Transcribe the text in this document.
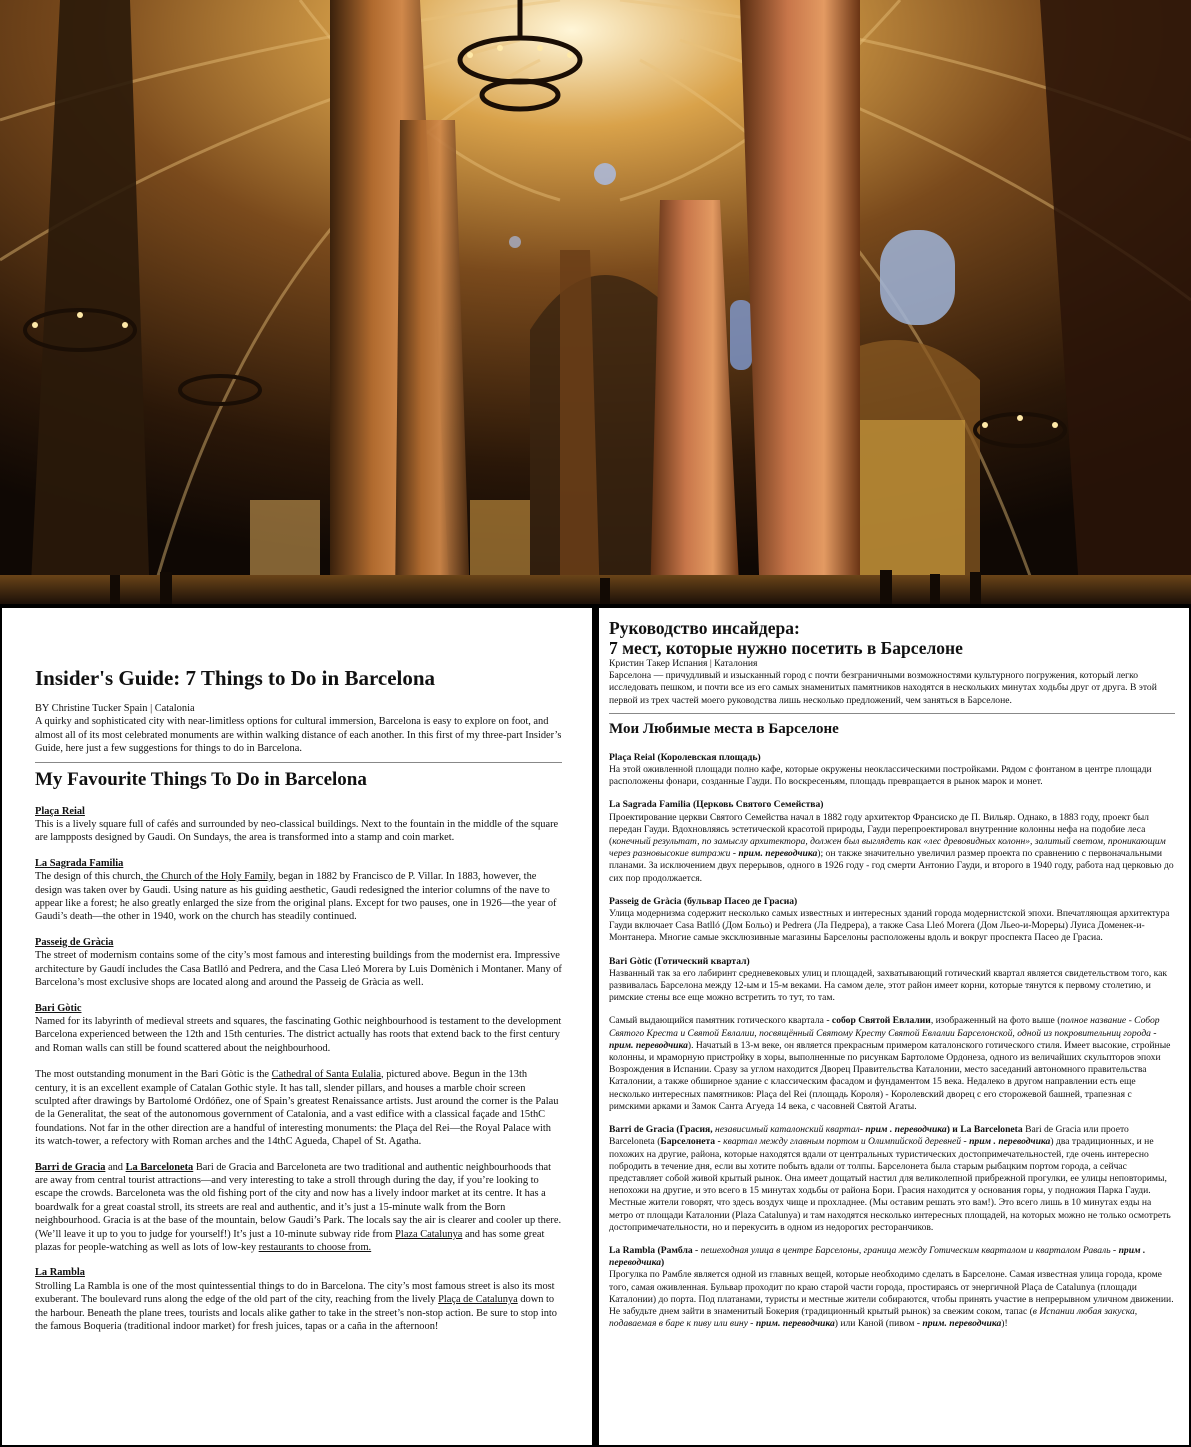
Insider's Guide: 7 Things to Do in Barcelona
BY Christine Tucker Spain | Catalonia

A quirky and sophisticated city with near-limitless options for cultural immersion, Barcelona is easy to explore on foot, and almost all of its most celebrated monuments are within walking distance of each another. In this first of my three-part Insider’s Guide, here just a few suggestions for things to do in Barcelona.

My Favourite Things To Do in Barcelona

Plaça Reial

This is a lively square full of cafés and surrounded by neo-classical buildings. Next to the fountain in the middle of the square are lampposts designed by Gaudi. On Sundays, the area is transformed into a stamp and coin market.

La Sagrada Familia

The design of this church, the Church of the Holy Family, began in 1882 by Francisco de P. Villar. In 1883, however, the design was taken over by Gaudi. Using nature as his guiding aesthetic, Gaudi redesigned the interior columns of the nave to appear like a forest; he also greatly enlarged the size from the original plans. Except for two pauses, one in 1926—the year of Gaudi’s death—the other in 1940, work on the church has steadily continued.

Passeig de Gràcia

The street of modernism contains some of the city’s most famous and interesting buildings from the modernist era. Impressive architecture by Gaudí includes the Casa Batlló and Pedrera, and the Casa Lleó Morera by Luis Domènich i Montaner. Many of Barcelona’s most exclusive shops are located along and around the Passeig de Gràcia as well.

Bari Gòtic

Named for its labyrinth of medieval streets and squares, the fascinating Gothic neighbourhood is testament to the development Barcelona experienced between the 12th and 15th centuries. The district actually has roots that extend back to the first century and Roman walls can still be found scattered about the neighbourhood.

The most outstanding monument in the Bari Gòtic is the Cathedral of Santa Eulalia, pictured above. Begun in the 13th century, it is an excellent example of Catalan Gothic style. It has tall, slender pillars, and houses a marble choir screen sculpted after drawings by Bartolomé Ordóñez, one of Spain’s greatest Renaissance artists. Just around the corner is the Palau de la Generalitat, the seat of the autonomous government of Catalonia, and a vast edifice with a classical façade and 15thC foundations. Not far in the other direction are a handful of interesting monuments: the Plaça del Rei—the Royal Palace with its watch-tower, a refectory with Roman arches and the 14thC Agueda, Chapel of St. Agatha.

Barri de Gracia and La Barceloneta Bari de Gracia and Barceloneta are two traditional and authentic neighbourhoods that are away from central tourist attractions—and very interesting to take a stroll through during the day, if you’re looking to escape the crowds. Barceloneta was the old fishing port of the city and now has a lively indoor market at its centre. It has a boardwalk for a great coastal stroll, its streets are real and authentic, and it’s just a 15-minute walk from the Born neighbourhood. Gracia is at the base of the mountain, below Gaudi’s Park. The locals say the air is clearer and cooler up there. (We’ll leave it up to you to judge for yourself!) It’s just a 10-minute subway ride from Plaza Catalunya and has some great plazas for people-watching as well as lots of low-key restaurants to choose from.

La Rambla

Strolling La Rambla is one of the most quintessential things to do in Barcelona. The city’s most famous street is also its most exuberant. The boulevard runs along the edge of the old part of the city, reaching from the lively Plaça de Catalunya down to the harbour. Beneath the plane trees, tourists and locals alike gather to take in the street’s non-stop action. Be sure to stop into the famous Boqueria (traditional indoor market) for fresh juices, tapas or a caña in the afternoon!

Руководство инсайдера:
7 мест, которые нужно посетить в Барселоне
Кристин Такер Испания | Каталония

Барселона — причудливый и изысканный город с почти безграничными возможностями культурного погружения, который легко исследовать пешком, и почти все из его самых знаменитых памятников находятся в нескольких минутах ходьбы друг от друга. В этой первой из трех частей моего руководства лишь несколько предложений, чем заняться в Барселоне.

Мои Любимые места в Барселоне

Plaça Reial (Королевская площадь)

На этой оживленной площади полно кафе, которые окружены неоклассическими постройками. Рядом с фонтаном в центре площади расположены фонари, созданные Гауди. По воскресеньям, площадь превращается в рынок марок и монет.

La Sagrada Familia (Церковь Святого Семейства)

Проектирование церкви Святого Семейства начал в 1882 году архитектор Франсиско де П. Вильяр. Однако, в 1883 году, проект был передан Гауди. Вдохновляясь эстетической красотой природы, Гауди перепроектировал внутренние колонны нефа на подобие леса (конечный результат, по замыслу архитектора, должен был выглядеть как «лес древовидных колонн», залитый светом, проникающим через разновысокие витражи - прим. переводчика); он также значительно увеличил размер проекта по сравнению с первоначальными планами. За исключением двух перерывов, одного в 1926 году - год смерти Антонио Гауди, и второго в 1940 году, работа над церковью до сих пор продолжается.

Passeig de Gràcia (бульвар Пасео де Грасиа)

Улица модернизма содержит несколько самых известных и интересных зданий города модернистской эпохи. Впечатляющая архитектура Гауди включает Casa Batlló (Дом Больо) и Pedrera (Ла Педрера), а также Casa Lleó Morera (Дом Льео-и-Мореры) Луиса Доменек-и-Монтанера. Многие самые эксклюзивные магазины Барселоны расположены вдоль и вокруг проспекта Пасео де Грасиа.

Bari Gòtic (Готический квартал)

Названный так за его лабиринт средневековых улиц и площадей, захватывающий готический квартал является свидетельством того, как развивалась Барселона между 12-ым и 15-м веками. На самом деле, этот район имеет корни, которые тянутся к первому столетию, и римские стены все еще можно встретить то тут, то там.

Самый выдающийся памятник готического квартала - собор Святой Евлалии, изображенный на фото выше (полное название - Собор Святого Креста и Святой Евлалии, посвящённый Святому Кресту Святой Евлалии Барселонской, одной из покровительниц города - прим. переводчика). Начатый в 13-м веке, он является прекрасным примером каталонского готического стиля. Имеет высокие, стройные колонны, и мраморную пристройку в хоры, выполненные по рисункам Бартоломе Ордонеза, одного из величайших скульпторов эпохи Возрождения в Испании. Сразу за углом находится Дворец Правительства Каталонии, место заседаний автономного правительства Каталонии, а также обширное здание с классическим фасадом и фундаментом 15 века. Недалеко в другом направлении есть еще несколько интересных памятников: Plaça del Rei (площадь Короля) - Королевский дворец с его сторожевой башней, трапезная с римскими арками и Замок Санта Агуеда 14 века, с часовней Святой Агаты.

Barri de Gracia (Грасия, независимый каталонский квартал- прим . переводчика) и La Barceloneta Bari de Gracia или проето Barceloneta (Барселонета - квартал между главным портом и Олимпийской деревней - прим . переводчика) два традиционных, и не похожих на другие, района, которые находятся вдали от центральных туристических достопримечательностей, где очень интересно побродить в течение дня, если вы хотите побыть вдали от толпы. Барселонета была старым рыбацким портом города, а сейчас представляет собой живой крытый рынок. Она имеет дощатый настил для великолепной прибрежной прогулки, ее улицы неповторимы, непохожи на другие, и это всего в 15 минутах ходьбы от района Бори. Грасия находится у основания горы, у подножия Парка Гауди. Местные жители говорят, что здесь воздух чище и прохладнее. (Мы оставим решать это вам!). Это всего лишь в 10 минутах езды на метро от площади Каталонии (Plaza Catalunya) и там находятся несколько интересных площадей, на которых можно не только осмотреть достопримечательности, но и перекусить в одном из недорогих ресторанчиков.

La Rambla (Рамбла - пешеходная улица в центре Барселоны, граница между Готическим кварталом и кварталом Раваль - прим . переводчика)

Прогулка по Рамбле является одной из главных вещей, которые необходимо сделать в Барселоне. Самая известная улица города, кроме того, самая оживленная. Бульвар проходит по краю старой части города, простираясь от энергичной Plaça de Catalunya (площади Каталонии) до порта. Под платанами, туристы и местные жители собираются, чтобы принять участие в непрерывном уличном движении. Не забудьте днем зайти в знаменитый Бокерия (традиционный крытый рынок) за свежим соком, тапас (в Испании любая закуска, подаваемая в баре к пиву или вину - прим. переводчика) или Каной (пивом - прим. переводчика)!
